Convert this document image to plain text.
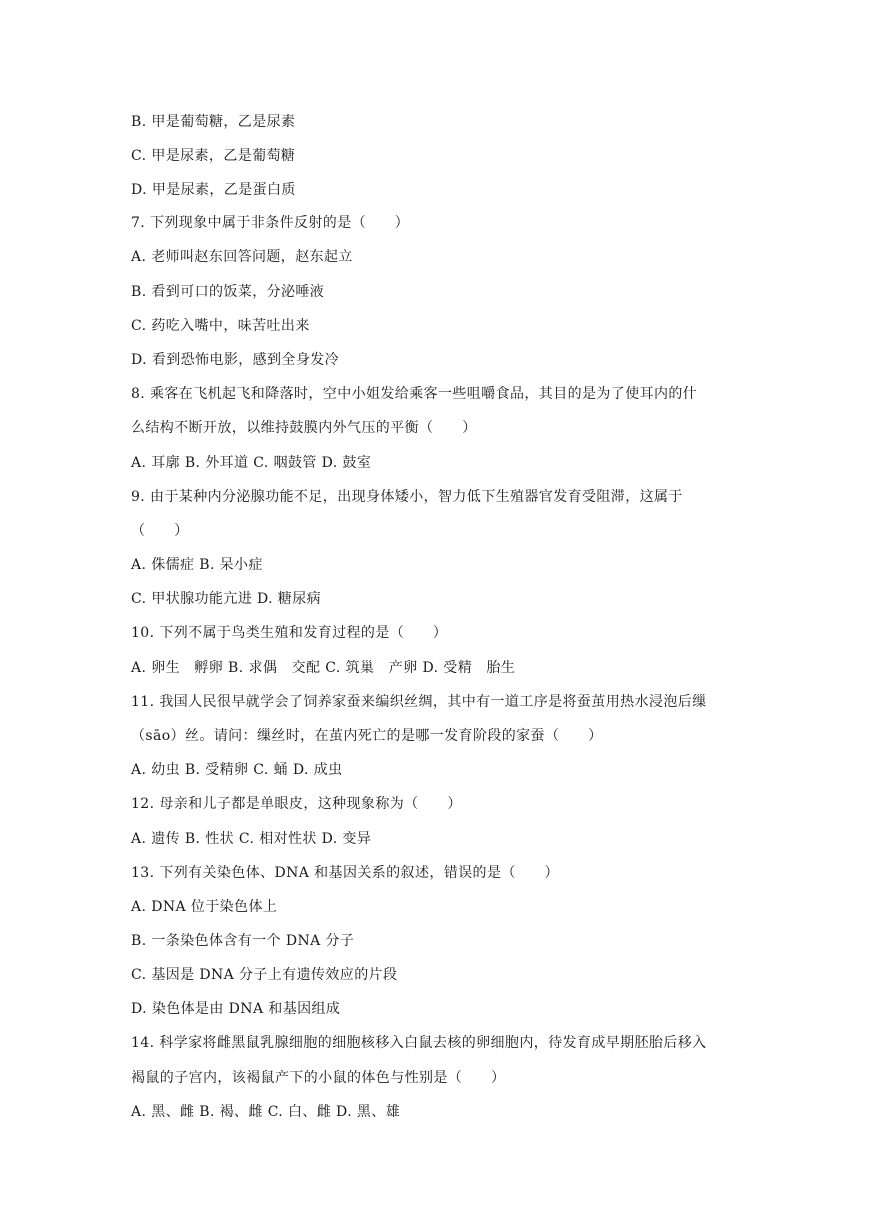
B. 甲是葡萄糖，乙是尿素
C. 甲是尿素，乙是葡萄糖
D. 甲是尿素，乙是蛋白质
7. 下列现象中属于非条件反射的是（　　）
A. 老师叫赵东回答问题，赵东起立
B. 看到可口的饭菜，分泌唾液
C. 药吃入嘴中，味苦吐出来
D. 看到恐怖电影，感到全身发冷
8. 乘客在飞机起飞和降落时，空中小姐发给乘客一些咀嚼食品，其目的是为了使耳内的什
么结构不断开放，以维持鼓膜内外气压的平衡（　　）
A. 耳廓 B. 外耳道 C. 咽鼓管 D. 鼓室
9. 由于某种内分泌腺功能不足，出现身体矮小，智力低下生殖器官发育受阻滞，这属于
（　　）
A. 侏儒症 B. 呆小症
C. 甲状腺功能亢进 D. 糖尿病
10. 下列不属于鸟类生殖和发育过程的是（　　）
A. 卵生　孵卵 B. 求偶　交配 C. 筑巢　产卵 D. 受精　胎生
11. 我国人民很早就学会了饲养家蚕来编织丝绸，其中有一道工序是将蚕茧用热水浸泡后缫
（sāo）丝。请问：缫丝时，在茧内死亡的是哪一发育阶段的家蚕（　　）
A. 幼虫 B. 受精卵 C. 蛹 D. 成虫
12. 母亲和儿子都是单眼皮，这种现象称为（　　）
A. 遗传 B. 性状 C. 相对性状 D. 变异
13. 下列有关染色体、DNA 和基因关系的叙述，错误的是（　　）
A. DNA 位于染色体上
B. 一条染色体含有一个 DNA 分子
C. 基因是 DNA 分子上有遗传效应的片段
D. 染色体是由 DNA 和基因组成
14. 科学家将雌黑鼠乳腺细胞的细胞核移入白鼠去核的卵细胞内，待发育成早期胚胎后移入
褐鼠的子宫内，该褐鼠产下的小鼠的体色与性别是（　　）
A. 黑、雌 B. 褐、雌 C. 白、雌 D. 黑、雄
